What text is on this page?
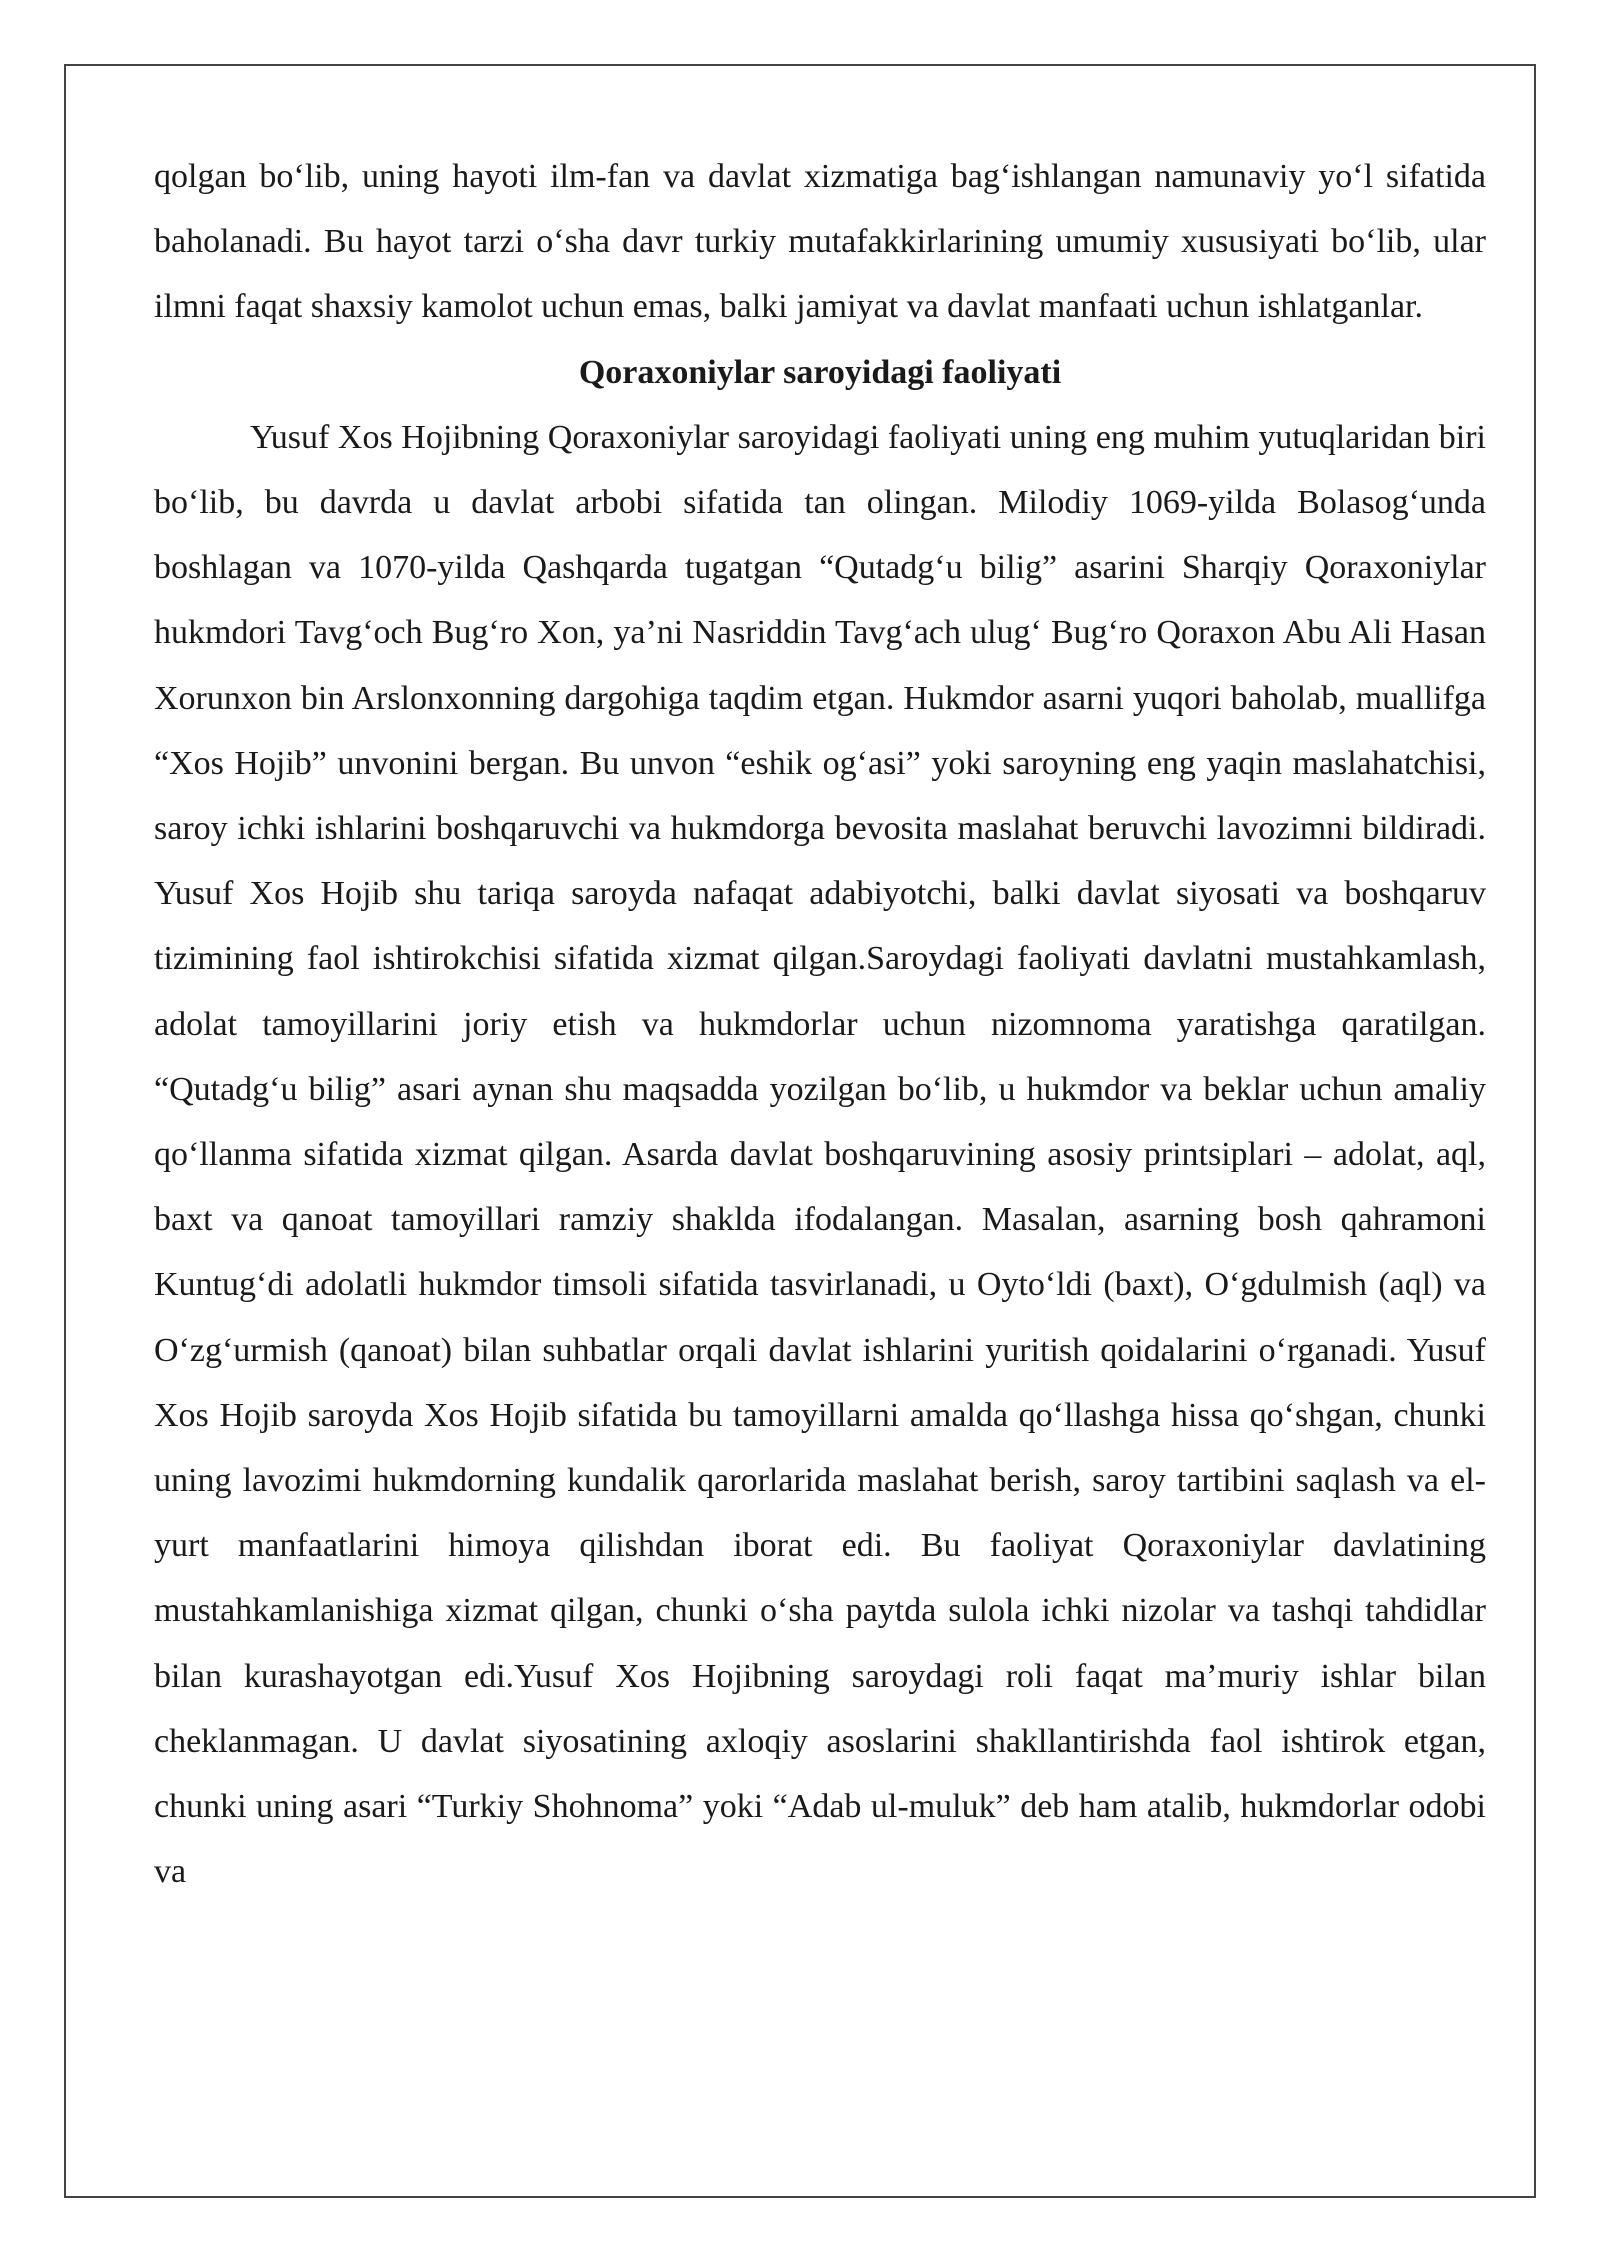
qolgan bo‘lib, uning hayoti ilm-fan va davlat xizmatiga bag‘ishlangan namunaviy yo‘l sifatida baholanadi. Bu hayot tarzi o‘sha davr turkiy mutafakkirlarining umumiy xususiyati bo‘lib, ular ilmni faqat shaxsiy kamolot uchun emas, balki jamiyat va davlat manfaati uchun ishlatganlar.

Qoraxoniylar saroyidagi faoliyati

Yusuf Xos Hojibning Qoraxoniylar saroyidagi faoliyati uning eng muhim yutuqlaridan biri bo‘lib, bu davrda u davlat arbobi sifatida tan olingan. Milodiy 1069-yilda Bolasog‘unda boshlagan va 1070-yilda Qashqarda tugatgan “Qutadg‘u bilig” asarini Sharqiy Qoraxoniylar hukmdori Tavg‘och Bug‘ro Xon, ya’ni Nasriddin Tavg‘ach ulug‘ Bug‘ro Qoraxon Abu Ali Hasan Xorunxon bin Arslonxonning dargohiga taqdim etgan. Hukmdor asarni yuqori baholab, muallifga “Xos Hojib” unvonini bergan. Bu unvon “eshik og‘asi” yoki saroyning eng yaqin maslahatchisi, saroy ichki ishlarini boshqaruvchi va hukmdorga bevosita maslahat beruvchi lavozimni bildiradi. Yusuf Xos Hojib shu tariqa saroyda nafaqat adabiyotchi, balki davlat siyosati va boshqaruv tizimining faol ishtirokchisi sifatida xizmat qilgan.Saroydagi faoliyati davlatni mustahkamlash, adolat tamoyillarini joriy etish va hukmdorlar uchun nizomnoma yaratishga qaratilgan. “Qutadg‘u bilig” asari aynan shu maqsadda yozilgan bo‘lib, u hukmdor va beklar uchun amaliy qo‘llanma sifatida xizmat qilgan. Asarda davlat boshqaruvining asosiy printsiplari – adolat, aql, baxt va qanoat tamoyillari ramziy shaklda ifodalangan. Masalan, asarning bosh qahramoni Kuntug‘di adolatli hukmdor timsoli sifatida tasvirlanadi, u Oyto‘ldi (baxt), O‘gdulmish (aql) va O‘zg‘urmish (qanoat) bilan suhbatlar orqali davlat ishlarini yuritish qoidalarini o‘rganadi. Yusuf Xos Hojib saroyda Xos Hojib sifatida bu tamoyillarni amalda qo‘llashga hissa qo‘shgan, chunki uning lavozimi hukmdorning kundalik qarorlarida maslahat berish, saroy tartibini saqlash va el-yurt manfaatlarini himoya qilishdan iborat edi. Bu faoliyat Qoraxoniylar davlatining mustahkamlanishiga xizmat qilgan, chunki o‘sha paytda sulola ichki nizolar va tashqi tahdidlar bilan kurashayotgan edi.Yusuf Xos Hojibning saroydagi roli faqat ma’muriy ishlar bilan cheklanmagan. U davlat siyosatining axloqiy asoslarini shakllantirishda faol ishtirok etgan, chunki uning asari “Turkiy Shohnoma” yoki “Adab ul-muluk” deb ham atalib, hukmdorlar odobi va
